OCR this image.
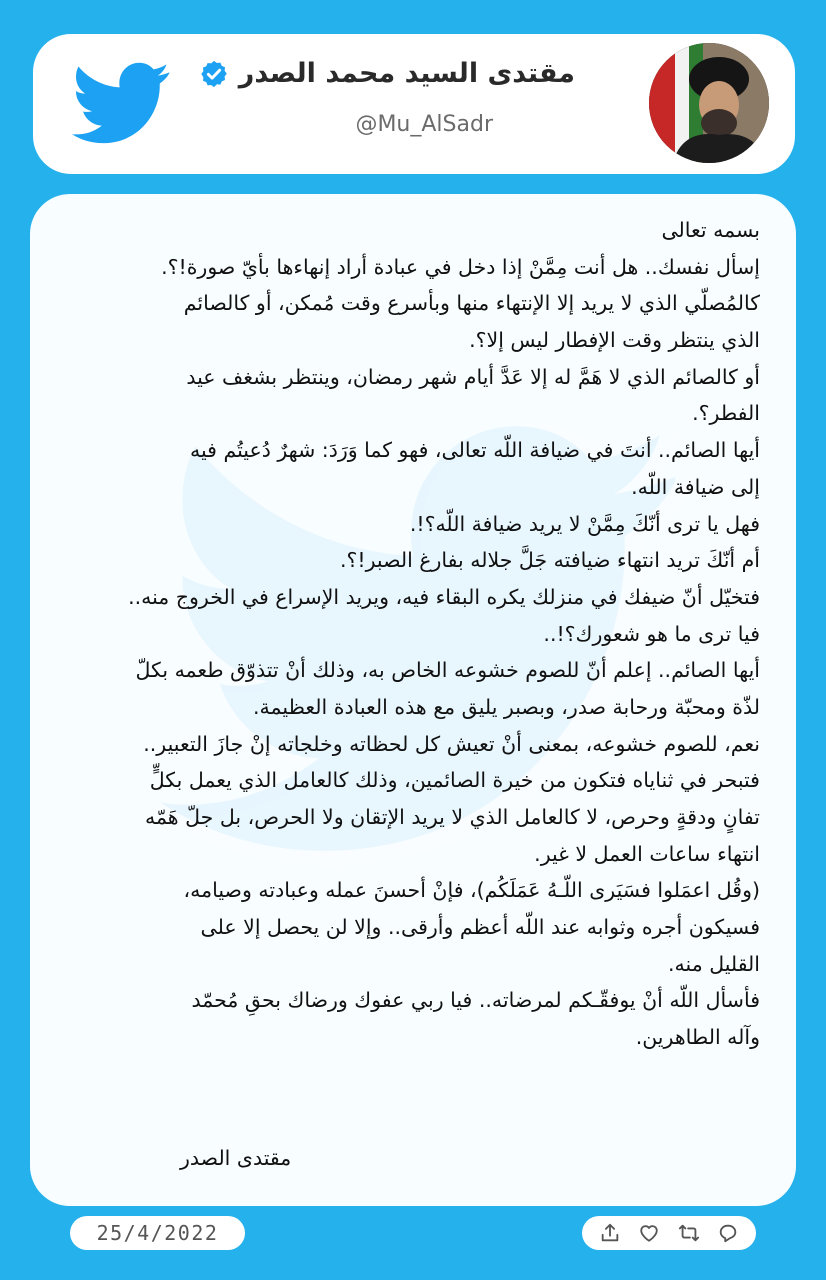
مقتدى السيد محمد الصدر
@Mu_AlSadr
بسمه تعالى
إسأل نفسك.. هل أنت مِمَّنْ إذا دخل في عبادة أراد إنهاءها بأيّ صورة!؟.
كالمُصلّي الذي لا يريد إلا الإنتهاء منها وبأسرع وقت مُمكن، أو كالصائم
الذي ينتظر وقت الإفطار ليس إلا؟.
أو كالصائم الذي لا هَمَّ له إلا عَدَّ أيام شهر رمضان، وينتظر بشغف عيد
الفطر؟.
أيها الصائم.. أنتَ في ضيافة اللّه تعالى، فهو كما وَرَدَ: شهرٌ دُعيتُم فيه
إلى ضيافة اللّه.
فهل يا ترى أنّكَ مِمَّنْ لا يريد ضيافة اللّه؟!.
أم أنّكَ تريد انتهاء ضيافته جَلَّ جلاله بفارغ الصبر!؟.
فتخيّل أنّ ضيفك في منزلك يكره البقاء فيه، ويريد الإسراع في الخروج منه..
فيا ترى ما هو شعورك؟!..
أيها الصائم.. إعلم أنّ للصوم خشوعه الخاص به، وذلك أنْ تتذوّق طعمه بكلّ
لذّة ومحبّة ورحابة صدر، وبصبر يليق مع هذه العبادة العظيمة.
نعم، للصوم خشوعه، بمعنى أنْ تعيش كل لحظاته وخلجاته إنْ جازَ التعبير..
فتبحر في ثناياه فتكون من خيرة الصائمين، وذلك كالعامل الذي يعمل بكلٍّ
تفانٍ ودقةٍ وحرص، لا كالعامل الذي لا يريد الإتقان ولا الحرص، بل جلّ هَمّه
انتهاء ساعات العمل لا غير.
(وقُل اعمَلوا فسَيَرى اللّـهُ عَمَلَكُم)، فإنْ أحسنَ عمله وعبادته وصيامه،
فسيكون أجره وثوابه عند اللّه أعظم وأرقى.. وإلا لن يحصل إلا على
القليل منه.
فأسأل اللّه أنْ يوفقّـكم لمرضاته.. فيا ربي عفوك ورضاك بحقِ مُحمّد
وآله الطاهرين.
مقتدى الصدر
25/4/2022
